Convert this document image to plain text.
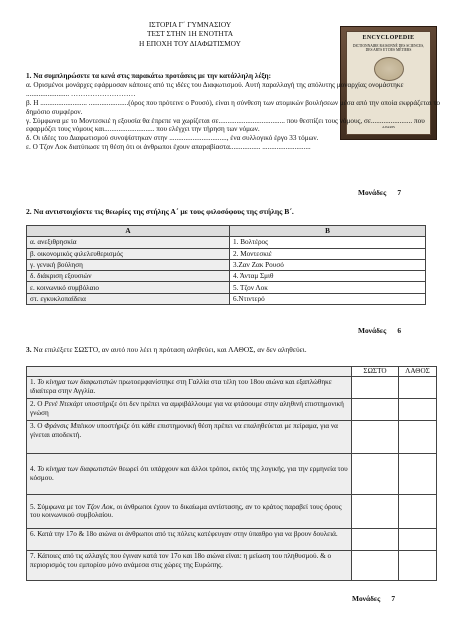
ΙΣΤΟΡΙΑ Γ΄ ΓΥΜΝΑΣΙΟΥ
ΤΕΣΤ ΣΤΗΝ 1Η ΕΝΟΤΗΤΑ
Η ΕΠΟΧΗ ΤΟΥ ΔΙΑΦΩΤΙΣΜΟΥ
ENCYCLOPEDIE
DICTIONNAIRE RAISONNÉ DES SCIENCES, DES ARTS ET DES MÉTIERS
A PARIS

1. Να συμπληρώσετε τα κενά στις παρακάτω προτάσεις με την κατάλληλη λέξη:

α. Ορισμένοι μονάρχες εφάρμοσαν κάποιες από τις ιδέες του Διαφωτισμού. Αυτή παραλλαγή της απόλυτης μοναρχίας ονομάστηκε ........................ ………………………

β. Η .......................... ......................(όρος που πρότεινε ο Ρουσό), είναι η σύνθεση των ατομικών βουλήσεων μέσα από την οποία εκφράζεται το δημόσιο συμφέρον.

γ. Σύμφωνα με το Μοντεσκιέ η εξουσία θα έπρεπε να χωρίζεται σε..................................... που θεσπίζει τους νόμους, σε....................... που εφαρμόζει τους νόμους και............................ που ελέγχει την τήρηση των νόμων.

δ. Οι ιδέες του Διαφωτισμού συνοψίστηκαν στην ................................, ένα συλλογικό έργο 33 τόμων.

ε. Ο Τζον Λοκ διατύπωσε τη θέση ότι οι άνθρωποι έχουν απαραβίαστα................. ...........................

Μονάδες 7
2. Να αντιστοιχίσετε τις θεωρίες της στήλης Α΄ με τους φιλοσόφους της στήλης Β΄.
Α	Β
α. ανεξιθρησκία	1. Βολτέρος
β. οικονομικός φιλελευθερισμός	2. Μοντεσκιέ
γ. γενική βούληση	3.Ζαν Ζακ Ρουσό
δ. διάκριση εξουσιών	4. Άνταμ Σμιθ
ε. κοινωνικό συμβόλαιο	5. Τζον Λοκ
στ. εγκυκλοπαίδεια	6.Ντιντερό
Μονάδες 6
3. Να επιλέξετε ΣΩΣΤΟ, αν αυτό που λέει η πρόταση αληθεύει, και ΛΑΘΟΣ, αν δεν αληθεύει.
	ΣΩΣΤΟ	ΛΑΘΟΣ
1. Το κίνημα των διαφωτιστών πρωτοεμφανίστηκε στη Γαλλία στα τέλη του 18ου αιώνα και εξαπλώθηκε ιδιαίτερα στην Αγγλία.		
2. Ο Ρενέ Ντεκάρτ υποστήριζε ότι δεν πρέπει να αμφιβάλλουμε για να φτάσουμε στην αληθινή επιστημονική γνώση		
3. Ο Φράνσις Μπέικον υποστήριζε ότι κάθε επιστημονική θέση πρέπει να επαληθεύεται με πείραμα, για να γίνεται αποδεκτή.		
4. Το κίνημα των διαφωτιστών θεωρεί ότι υπάρχουν και άλλοι τρόποι, εκτός της λογικής, για την ερμηνεία του κόσμου.		
5. Σύμφωνα με τον Τζον Λοκ, οι άνθρωποι έχουν το δικαίωμα αντίστασης, αν το κράτος παραβεί τους όρους του κοινωνικού συμβολαίου.		
6. Κατά την 17ο & 18ο αιώνα οι άνθρωποι από τις πόλεις κατέφευγαν στην ύπαιθρο για να βρουν δουλειά.		
7. Κάποιες από τις αλλαγές που έγιναν κατά τον 17ο και 18ο αιώνα είναι: η μείωση του πληθυσμού. & ο περιορισμός του εμπορίου μόνο ανάμεσα στις χώρες της Ευρώπης.		
Μονάδες 7
